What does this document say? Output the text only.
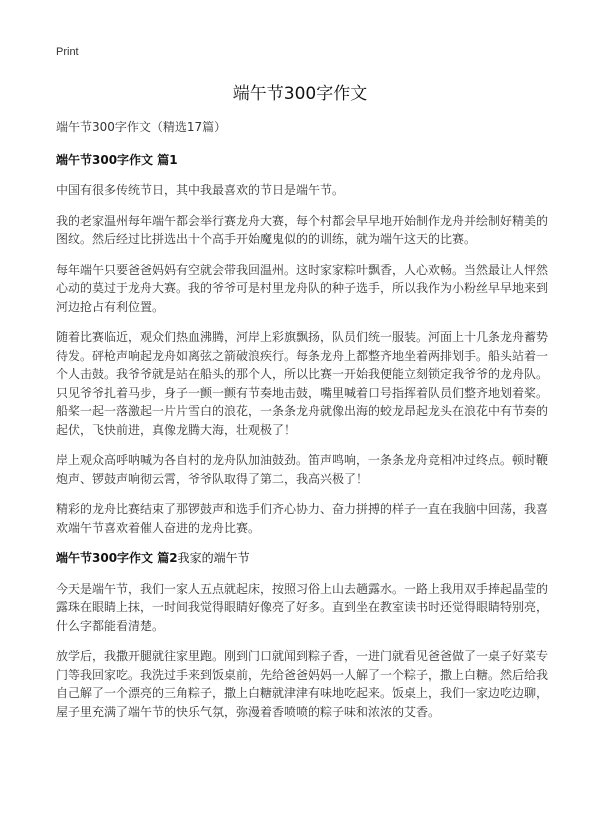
Print
端午节300字作文

端午节300字作文（精选17篇）

端午节300字作文 篇1

中国有很多传统节日，其中我最喜欢的节日是端午节。

我的老家温州每年端午都会举行赛龙舟大赛，每个村都会早早地开始制作龙舟并绘制好精美的图纹。然后经过比拼选出十个高手开始魔鬼似的的训练，就为端午这天的比赛。

每年端午只要爸爸妈妈有空就会带我回温州。这时家家粽叶飘香，人心欢畅。当然最让人怦然心动的莫过于龙舟大赛。我的爷爷可是村里龙舟队的种子选手，所以我作为小粉丝早早地来到河边抢占有利位置。

随着比赛临近，观众们热血沸腾，河岸上彩旗飘扬，队员们统一服装。河面上十几条龙舟蓄势待发。砰枪声响起龙舟如离弦之箭破浪疾行。每条龙舟上都整齐地坐着两排划手。船头站着一个人击鼓。我爷爷就是站在船头的那个人，所以比赛一开始我便能立刻锁定我爷爷的龙舟队。只见爷爷扎着马步，身子一颤一颤有节奏地击鼓，嘴里喊着口号指挥着队员们整齐地划着桨。船桨一起一落激起一片片雪白的浪花，一条条龙舟就像出海的蛟龙昂起龙头在浪花中有节奏的起伏，飞快前进，真像龙腾大海，壮观极了！

岸上观众高呼呐喊为各自村的龙舟队加油鼓劲。笛声鸣响，一条条龙舟竞相冲过终点。顿时鞭炮声、锣鼓声响彻云霄，爷爷队取得了第二，我高兴极了！

精彩的龙舟比赛结束了那锣鼓声和选手们齐心协力、奋力拼搏的样子一直在我脑中回荡，我喜欢端午节喜欢着催人奋进的龙舟比赛。

端午节300字作文 篇2我家的端午节

今天是端午节，我们一家人五点就起床，按照习俗上山去趟露水。一路上我用双手捧起晶莹的露珠在眼睛上抹，一时间我觉得眼睛好像亮了好多。直到坐在教室读书时还觉得眼睛特别亮，什么字都能看清楚。

放学后，我撒开腿就往家里跑。刚到门口就闻到粽子香，一进门就看见爸爸做了一桌子好菜专门等我回家吃。我洗过手来到饭桌前，先给爸爸妈妈一人解了一个粽子，撒上白糖。然后给我自己解了一个漂亮的三角粽子，撒上白糖就津津有味地吃起来。饭桌上，我们一家边吃边聊，屋子里充满了端午节的快乐气氛，弥漫着香喷喷的粽子味和浓浓的艾香。
